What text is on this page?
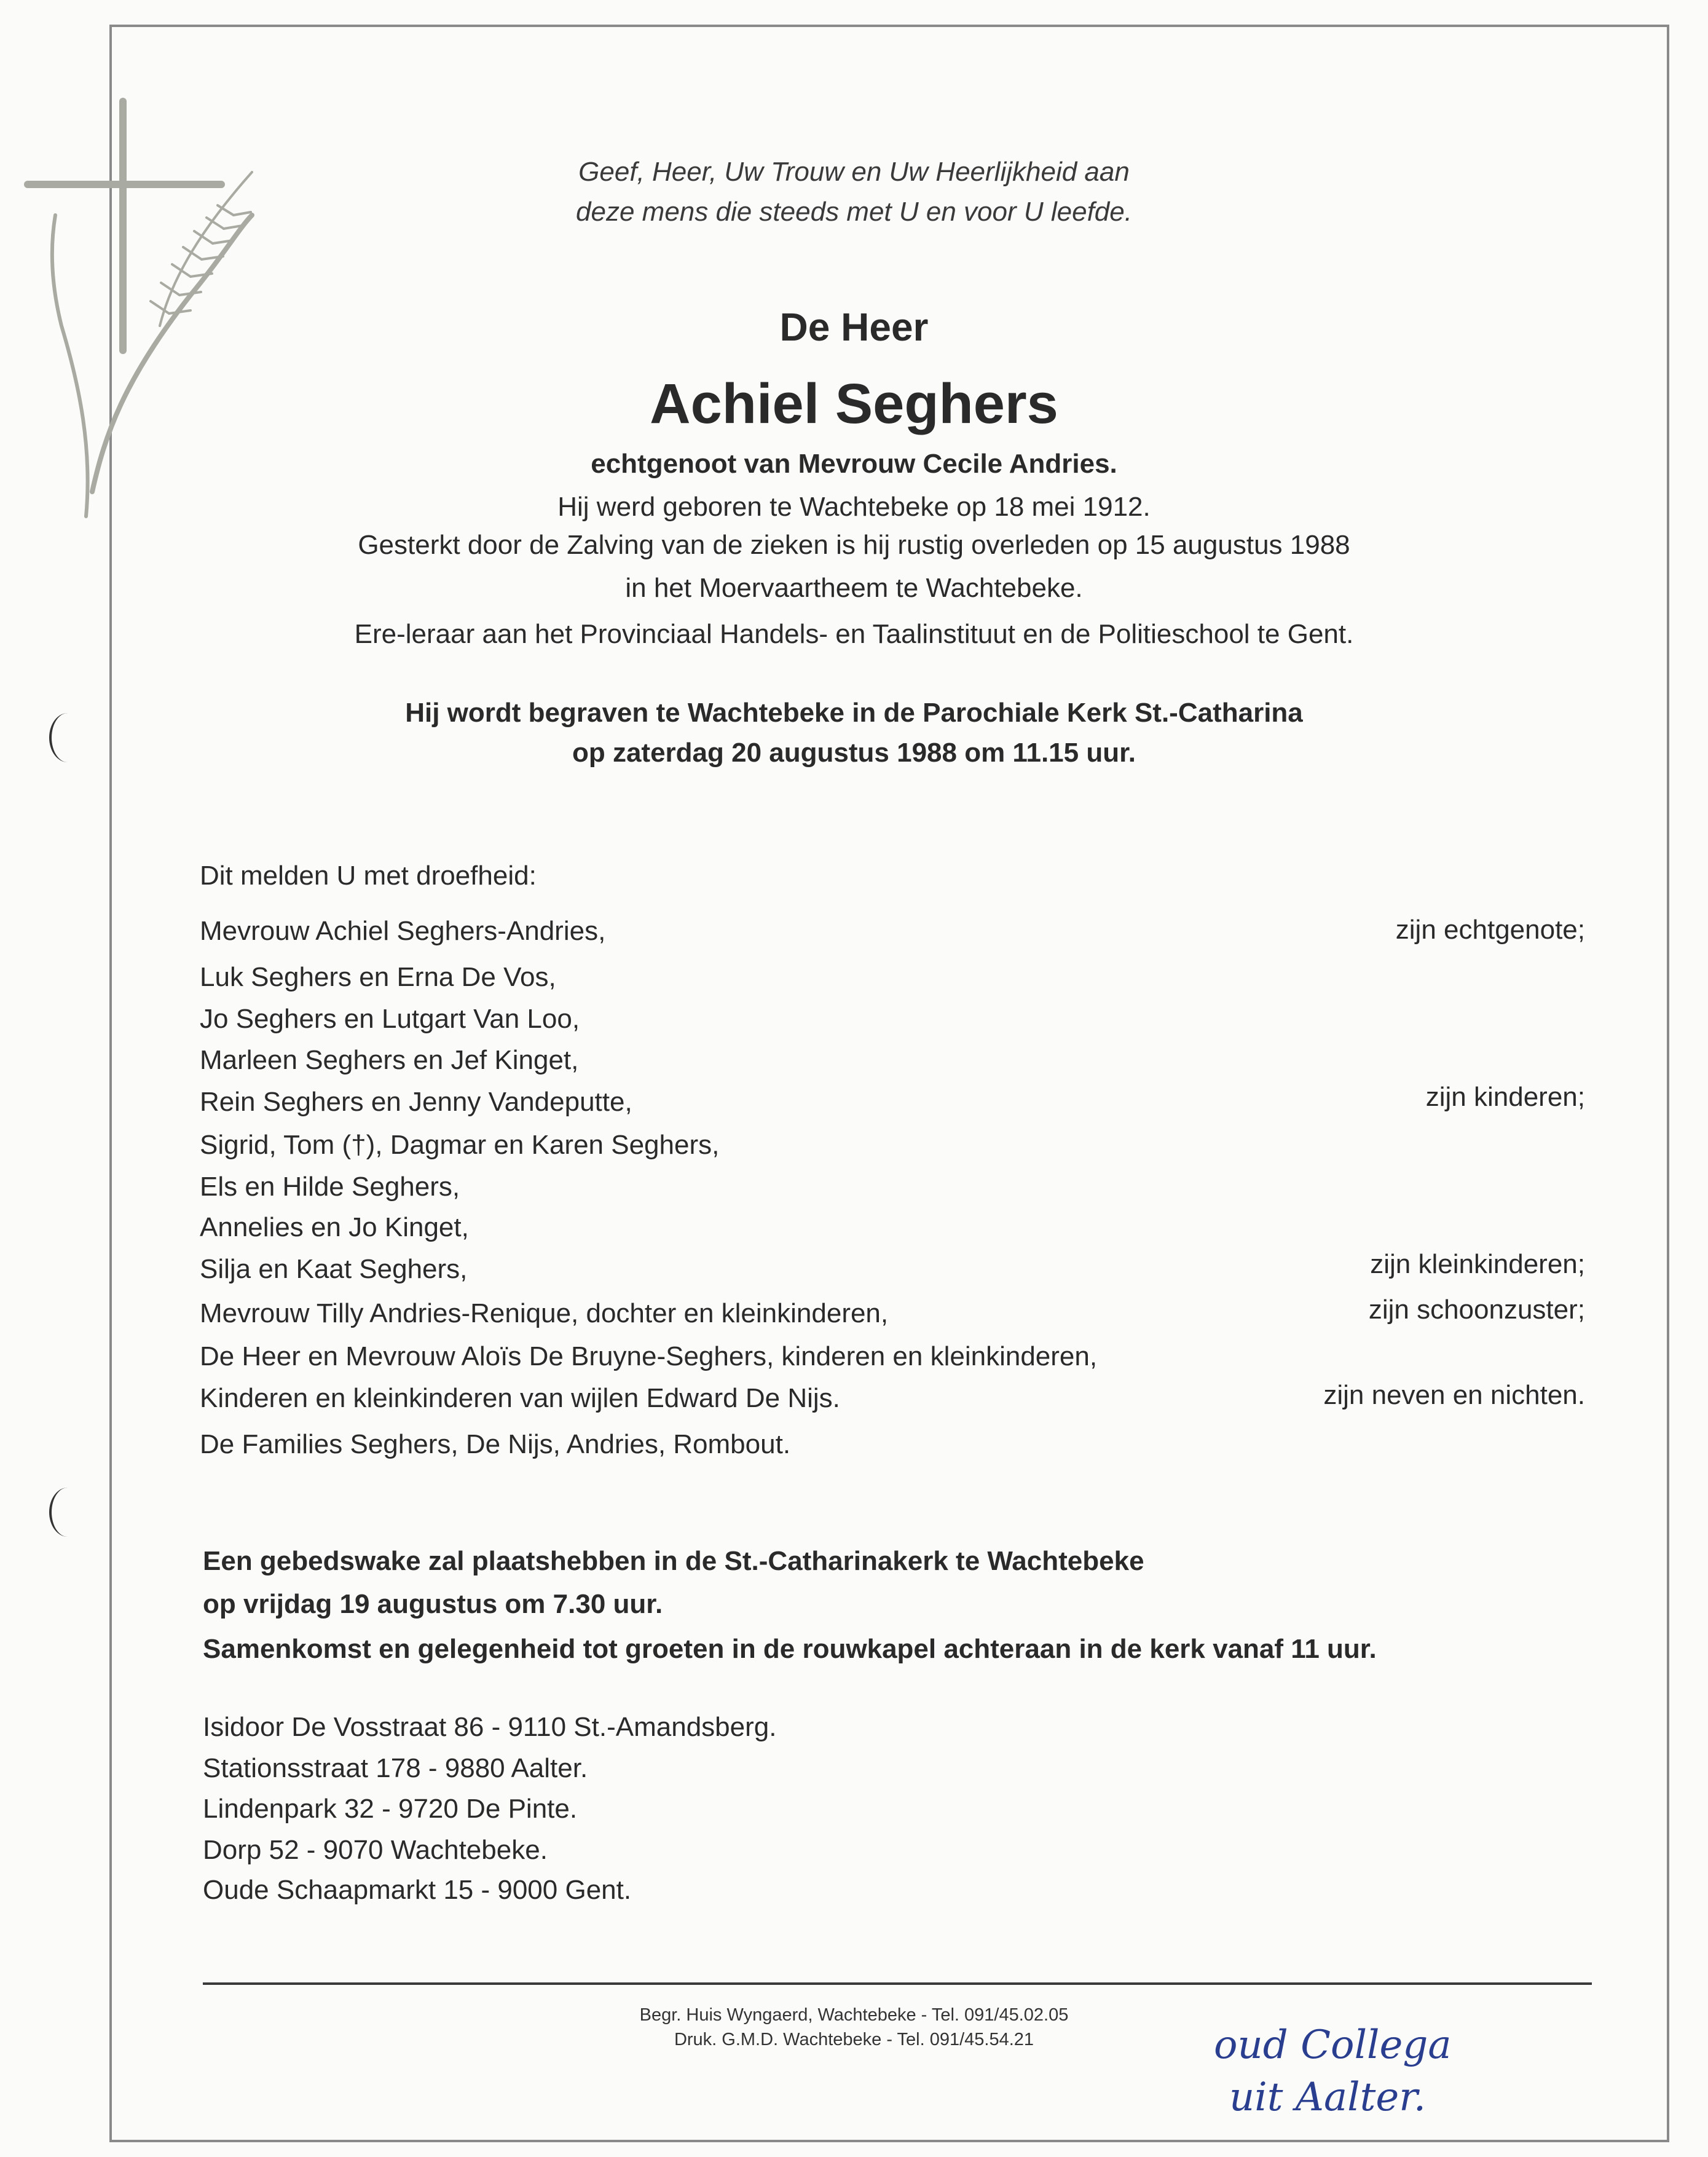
Geef, Heer, Uw Trouw en Uw Heerlijkheid aan
deze mens die steeds met U en voor U leefde.
De Heer
Achiel Seghers
echtgenoot van Mevrouw Cecile Andries.
Hij werd geboren te Wachtebeke op 18 mei 1912.
Gesterkt door de Zalving van de zieken is hij rustig overleden op 15 augustus 1988
in het Moervaartheem te Wachtebeke.
Ere-leraar aan het Provinciaal Handels- en Taalinstituut en de Politieschool te Gent.
Hij wordt begraven te Wachtebeke in de Parochiale Kerk St.-Catharina
op zaterdag 20 augustus 1988 om 11.15 uur.
Dit melden U met droefheid:
Mevrouw Achiel Seghers-Andries,
Luk Seghers en Erna De Vos,
Jo Seghers en Lutgart Van Loo,
Marleen Seghers en Jef Kinget,
Rein Seghers en Jenny Vandeputte,
Sigrid, Tom (†), Dagmar en Karen Seghers,
Els en Hilde Seghers,
Annelies en Jo Kinget,
Silja en Kaat Seghers,
Mevrouw Tilly Andries-Renique, dochter en kleinkinderen,
De Heer en Mevrouw Aloïs De Bruyne-Seghers, kinderen en kleinkinderen,
Kinderen en kleinkinderen van wijlen Edward De Nijs.
De Families Seghers, De Nijs, Andries, Rombout.
zijn echtgenote;
zijn kinderen;
zijn kleinkinderen;
zijn schoonzuster;
zijn neven en nichten.
Een gebedswake zal plaatshebben in de St.-Catharinakerk te Wachtebeke
op vrijdag 19 augustus om 7.30 uur.
Samenkomst en gelegenheid tot groeten in de rouwkapel achteraan in de kerk vanaf 11 uur.
Isidoor De Vosstraat 86 - 9110 St.-Amandsberg.
Stationsstraat 178 - 9880 Aalter.
Lindenpark 32 - 9720 De Pinte.
Dorp 52 - 9070 Wachtebeke.
Oude Schaapmarkt 15 - 9000 Gent.
Begr. Huis Wyngaerd, Wachtebeke - Tel. 091/45.02.05
Druk. G.M.D. Wachtebeke - Tel. 091/45.54.21	oud Collega
uit Aalter.
